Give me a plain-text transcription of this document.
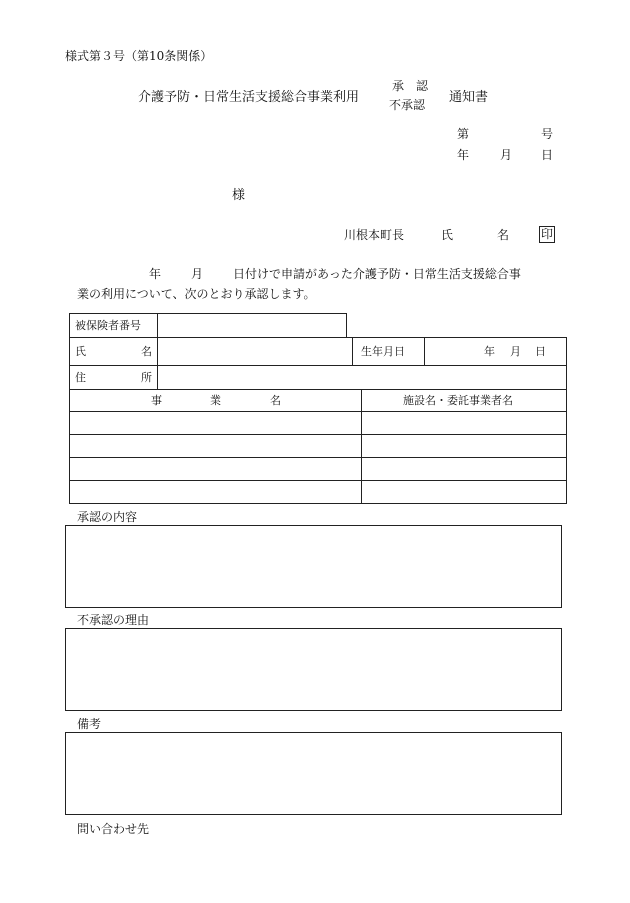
様式第３号（第10条関係）
介護予防・日常生活支援総合事業利用
承　認
不承認 通知書
第	号
年	月 日
様
川根本町長	氏	名	印
年 月 日付けで申請があった介護予防・日常生活支援総合事
業の利用について、次のとおり承認します。
被保険者番号
氏	名	生年月日	年 月 日
住	所
事	業	名	施設名・委託事業者名
承認の内容
不承認の理由
備考
問い合わせ先
